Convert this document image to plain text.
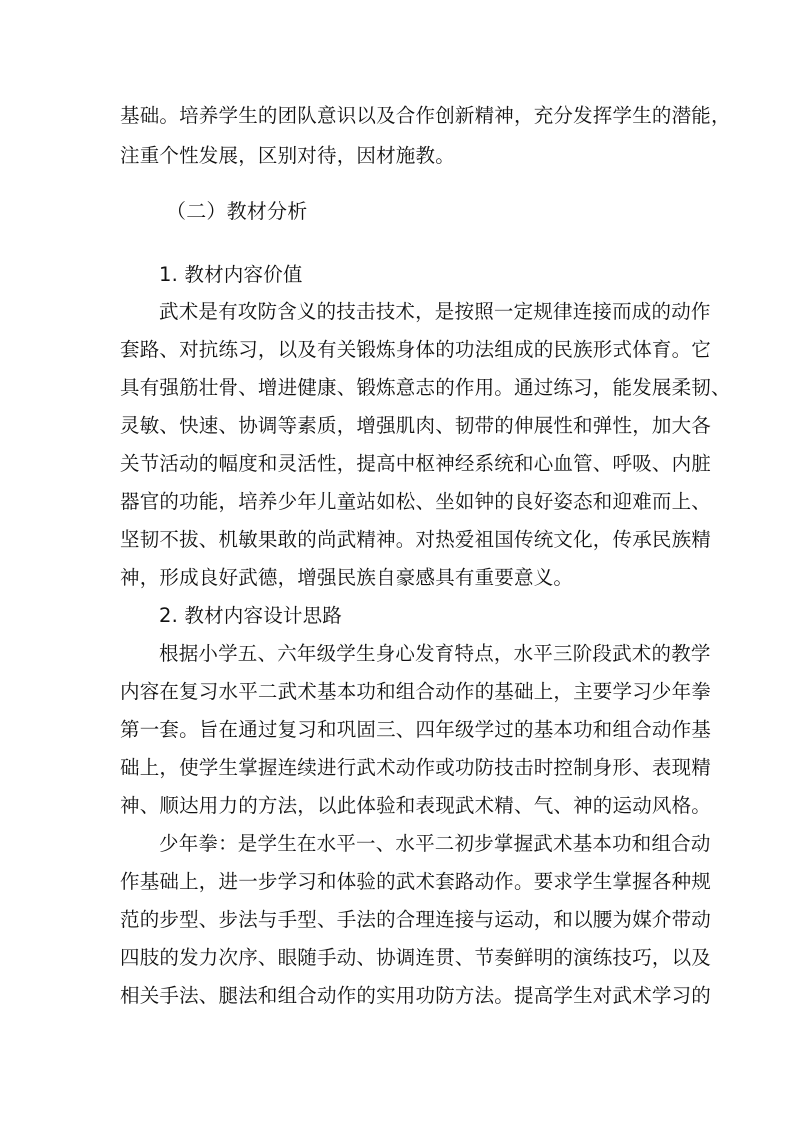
基础。培养学生的团队意识以及合作创新精神，充分发挥学生的潜能，
注重个性发展，区别对待，因材施教。
（二）教材分析
1. 教材内容价值
武术是有攻防含义的技击技术，是按照一定规律连接而成的动作
套路、对抗练习，以及有关锻炼身体的功法组成的民族形式体育。它
具有强筋壮骨、增进健康、锻炼意志的作用。通过练习，能发展柔韧、
灵敏、快速、协调等素质，增强肌肉、韧带的伸展性和弹性，加大各
关节活动的幅度和灵活性，提高中枢神经系统和心血管、呼吸、内脏
器官的功能，培养少年儿童站如松、坐如钟的良好姿态和迎难而上、
坚韧不拔、机敏果敢的尚武精神。对热爱祖国传统文化，传承民族精
神，形成良好武德，增强民族自豪感具有重要意义。
2. 教材内容设计思路
根据小学五、六年级学生身心发育特点，水平三阶段武术的教学
内容在复习水平二武术基本功和组合动作的基础上，主要学习少年拳
第一套。旨在通过复习和巩固三、四年级学过的基本功和组合动作基
础上，使学生掌握连续进行武术动作或功防技击时控制身形、表现精
神、顺达用力的方法，以此体验和表现武术精、气、神的运动风格。
少年拳：是学生在水平一、水平二初步掌握武术基本功和组合动
作基础上，进一步学习和体验的武术套路动作。要求学生掌握各种规
范的步型、步法与手型、手法的合理连接与运动，和以腰为媒介带动
四肢的发力次序、眼随手动、协调连贯、节奏鲜明的演练技巧，以及
相关手法、腿法和组合动作的实用功防方法。提高学生对武术学习的
